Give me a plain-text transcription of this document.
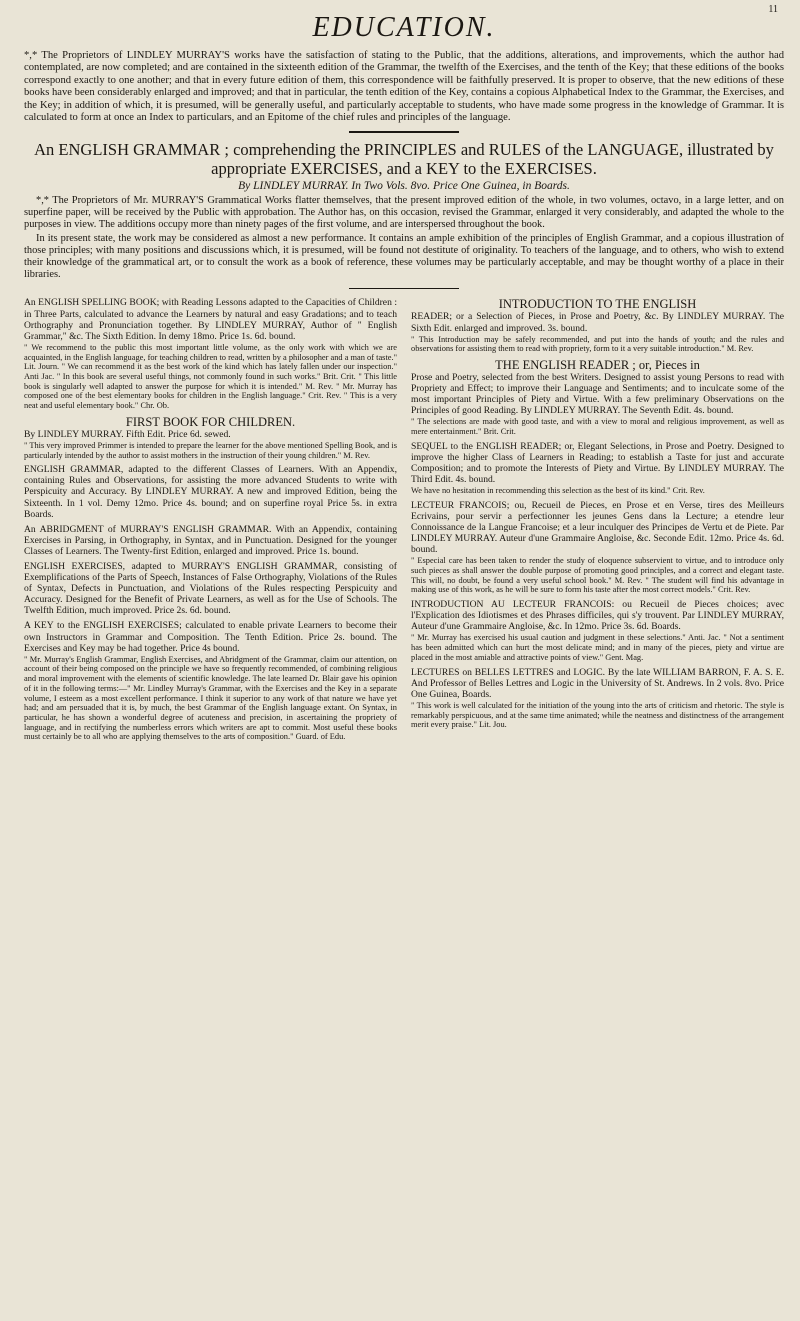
11
EDUCATION.

*,* The Proprietors of LINDLEY MURRAY'S works have the satisfaction of stating to the Public, that the additions, alterations, and improvements, which the author had contemplated, are now completed; and are contained in the sixteenth edition of the Grammar, the twelfth of the Exercises, and the tenth of the Key; that these editions of the books correspond exactly to one another; and that in every future edition of them, this correspondence will be faithfully preserved. It is proper to observe, that the new editions of these books have been considerably enlarged and improved; and that in particular, the tenth edition of the Key, contains a copious Alphabetical Index to the Grammar, the Exercises, and the Key; in addition of which, it is presumed, will be generally useful, and particularly acceptable to students, who have made some progress in the knowledge of Grammar. It is calculated to form at once an Index to particulars, and an Epitome of the chief rules and principles of the language.

An ENGLISH GRAMMAR ; comprehending the PRINCIPLES and RULES of the LANGUAGE, illustrated by appropriate EXERCISES, and a KEY to the EXERCISES.
By LINDLEY MURRAY. In Two Vols. 8vo. Price One Guinea, in Boards.

*,* The Proprietors of Mr. MURRAY'S Grammatical Works flatter themselves, that the present improved edition of the whole, in two volumes, octavo, in a large letter, and on superfine paper, will be received by the Public with approbation. The Author has, on this occasion, revised the Grammar, enlarged it very considerably, and adapted the whole to the purposes in view. The additions occupy more than ninety pages of the first volume, and are interspersed throughout the book.

In its present state, the work may be considered as almost a new performance. It contains an ample exhibition of the principles of English Grammar, and a copious illustration of those principles; with many positions and discussions which, it is presumed, will be found not destitute of originality. To teachers of the language, and to others, who wish to extend their knowledge of the grammatical art, or to consult the work as a book of reference, these volumes may be particularly acceptable, and may be thought worthy of a place in their libraries.

An ENGLISH SPELLING BOOK; with Reading Lessons adapted to the Capacities of Children : in Three Parts, calculated to advance the Learners by natural and easy Gradations; and to teach Orthography and Pronunciation together. By LINDLEY MURRAY, Author of " English Grammar," &c. The Sixth Edition. In demy 18mo. Price 1s. 6d. bound.

" We recommend to the public this most important little volume, as the only work with which we are acquainted, in the English language, for teaching children to read, written by a philosopher and a man of taste." Lit. Journ. " We can recommend it as the best work of the kind which has lately fallen under our inspection." Anti Jac. " In this book are several useful things, not commonly found in such works." Brit. Crit. " This little book is singularly well adapted to answer the purpose for which it is intended." M. Rev. " Mr. Murray has composed one of the best elementary books for children in the English language." Crit. Rev. " This is a very neat and useful elementary book." Chr. Ob.

FIRST BOOK FOR CHILDREN.

By LINDLEY MURRAY. Fifth Edit. Price 6d. sewed.

" This very improved Primmer is intended to prepare the learner for the above mentioned Spelling Book, and is particularly intended by the author to assist mothers in the instruction of their young children." M. Rev.

ENGLISH GRAMMAR, adapted to the different Classes of Learners. With an Appendix, containing Rules and Observations, for assisting the more advanced Students to write with Perspicuity and Accuracy. By LINDLEY MURRAY. A new and improved Edition, being the Sixteenth. In 1 vol. Demy 12mo. Price 4s. bound; and on superfine royal Price 5s. in extra Boards.

An ABRIDGMENT of MURRAY'S ENGLISH GRAMMAR. With an Appendix, containing Exercises in Parsing, in Orthography, in Syntax, and in Punctuation. Designed for the younger Classes of Learners. The Twenty-first Edition, enlarged and improved. Price 1s. bound.

ENGLISH EXERCISES, adapted to MURRAY'S ENGLISH GRAMMAR, consisting of Exemplifications of the Parts of Speech, Instances of False Orthography, Violations of the Rules of Syntax, Defects in Punctuation, and Violations of the Rules respecting Perspicuity and Accuracy. Designed for the Benefit of Private Learners, as well as for the Use of Schools. The Twelfth Edition, much improved. Price 2s. 6d. bound.

A KEY to the ENGLISH EXERCISES; calculated to enable private Learners to become their own Instructors in Grammar and Composition. The Tenth Edition. Price 2s. bound. The Exercises and Key may be had together. Price 4s bound.

" Mr. Murray's English Grammar, English Exercises, and Abridgment of the Grammar, claim our attention, on account of their being composed on the principle we have so frequently recommended, of combining religious and moral improvement with the elements of scientific knowledge. The late learned Dr. Blair gave his opinion of it in the following terms:—" Mr. Lindley Murray's Grammar, with the Exercises and the Key in a separate volume, I esteem as a most excellent performance. I think it superior to any work of that nature we have yet had; and am persuaded that it is, by much, the best Grammar of the English language extant. On Syntax, in particular, he has shown a wonderful degree of acuteness and precision, in ascertaining the propriety of language, and in rectifying the numberless errors which writers are apt to commit. Most useful these books must certainly be to all who are applying themselves to the arts of composition." Guard. of Edu.

INTRODUCTION TO THE ENGLISH

READER; or a Selection of Pieces, in Prose and Poetry, &c. By LINDLEY MURRAY. The Sixth Edit. enlarged and improved. 3s. bound.

" This Introduction may be safely recommended, and put into the hands of youth; and the rules and observations for assisting them to read with propriety, form to it a very suitable introduction." M. Rev.

THE ENGLISH READER ; or, Pieces in

Prose and Poetry, selected from the best Writers. Designed to assist young Persons to read with Propriety and Effect; to improve their Language and Sentiments; and to inculcate some of the most important Principles of Piety and Virtue. With a few preliminary Observations on the Principles of good Reading. By LINDLEY MURRAY. The Seventh Edit. 4s. bound.

" The selections are made with good taste, and with a view to moral and religious improvement, as well as mere entertainment." Brit. Crit.

SEQUEL to the ENGLISH READER; or, Elegant Selections, in Prose and Poetry. Designed to improve the higher Class of Learners in Reading; to establish a Taste for just and accurate Composition; and to promote the Interests of Piety and Virtue. By LINDLEY MURRAY. The Third Edit. 4s. bound.

We have no hesitation in recommending this selection as the best of its kind." Crit. Rev.

LECTEUR FRANCOIS; ou, Recueil de Pieces, en Prose et en Verse, tires des Meilleurs Ecrivains, pour servir a perfectionner les jeunes Gens dans la Lecture; a etendre leur Connoissance de la Langue Francoise; et a leur inculquer des Principes de Vertu et de Piete. Par LINDLEY MURRAY. Auteur d'une Grammaire Angloise, &c. Seconde Edit. 12mo. Price 4s. 6d. bound.

" Especial care has been taken to render the study of eloquence subservient to virtue, and to introduce only such pieces as shall answer the double purpose of promoting good principles, and a correct and elegant taste. This will, no doubt, be found a very useful school book." M. Rev. " The student will find his advantage in making use of this work, as he will be sure to form his taste after the most correct models." Crit. Rev.

INTRODUCTION AU LECTEUR FRANCOIS: ou Recueil de Pieces choices; avec l'Explication des Idiotismes et des Phrases difficiles, qui s'y trouvent. Par LINDLEY MURRAY, Auteur d'une Grammaire Angloise, &c. In 12mo. Price 3s. 6d. Boards.

" Mr. Murray has exercised his usual caution and judgment in these selections." Anti. Jac. " Not a sentiment has been admitted which can hurt the most delicate mind; and in many of the pieces, piety and virtue are placed in the most amiable and attractive points of view." Gent. Mag.

LECTURES on BELLES LETTRES and LOGIC. By the late WILLIAM BARRON, F. A. S. E. And Professor of Belles Lettres and Logic in the University of St. Andrews. In 2 vols. 8vo. Price One Guinea, Boards.

" This work is well calculated for the initiation of the young into the arts of criticism and rhetoric. The style is remarkably perspicuous, and at the same time animated; while the neatness and distinctness of the arrangement merit every praise." Lit. Jou.
